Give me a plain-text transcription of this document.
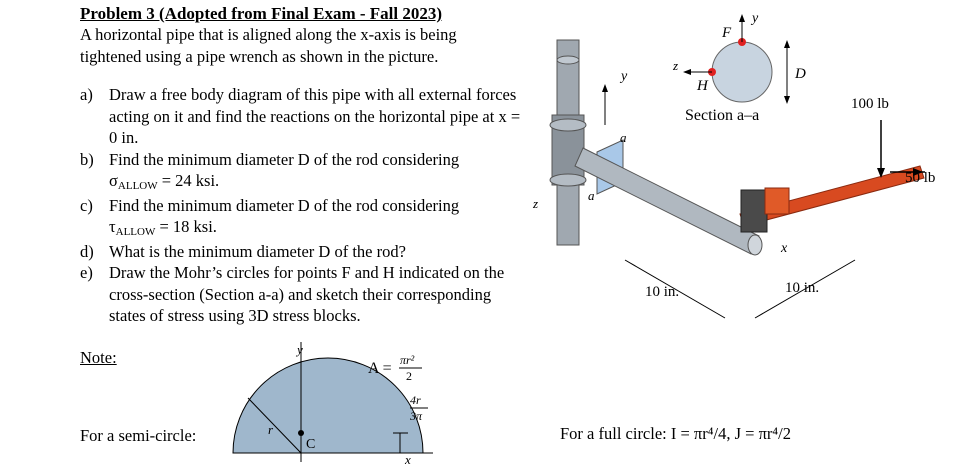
Problem 3 (Adopted from Final Exam - Fall 2023)
A horizontal pipe that is aligned along the x-axis is being tightened using a pipe wrench as shown in the picture.
a) Draw a free body diagram of this pipe with all external forces acting on it and find the reactions on the horizontal pipe at x = 0 in.
b) Find the minimum diameter D of the rod considering
σALLOW = 24 ksi.
c) Find the minimum diameter D of the rod considering
τALLOW = 18 ksi.
d) What is the minimum diameter D of the rod?
e) Draw the Mohr’s circles for points F and H indicated on the cross-section (Section a-a) and sketch their corresponding states of stress using 3D stress blocks.
Note:
For a semi-circle:	For a full circle: I = πr⁴/4, J = πr⁴/2
y
x
r
C
4r
3π
A = πr²
2
a
a
y
z
x
y
z
F
H
D
Section a–a
100 lb
50 lb
10 in.	10 in.
